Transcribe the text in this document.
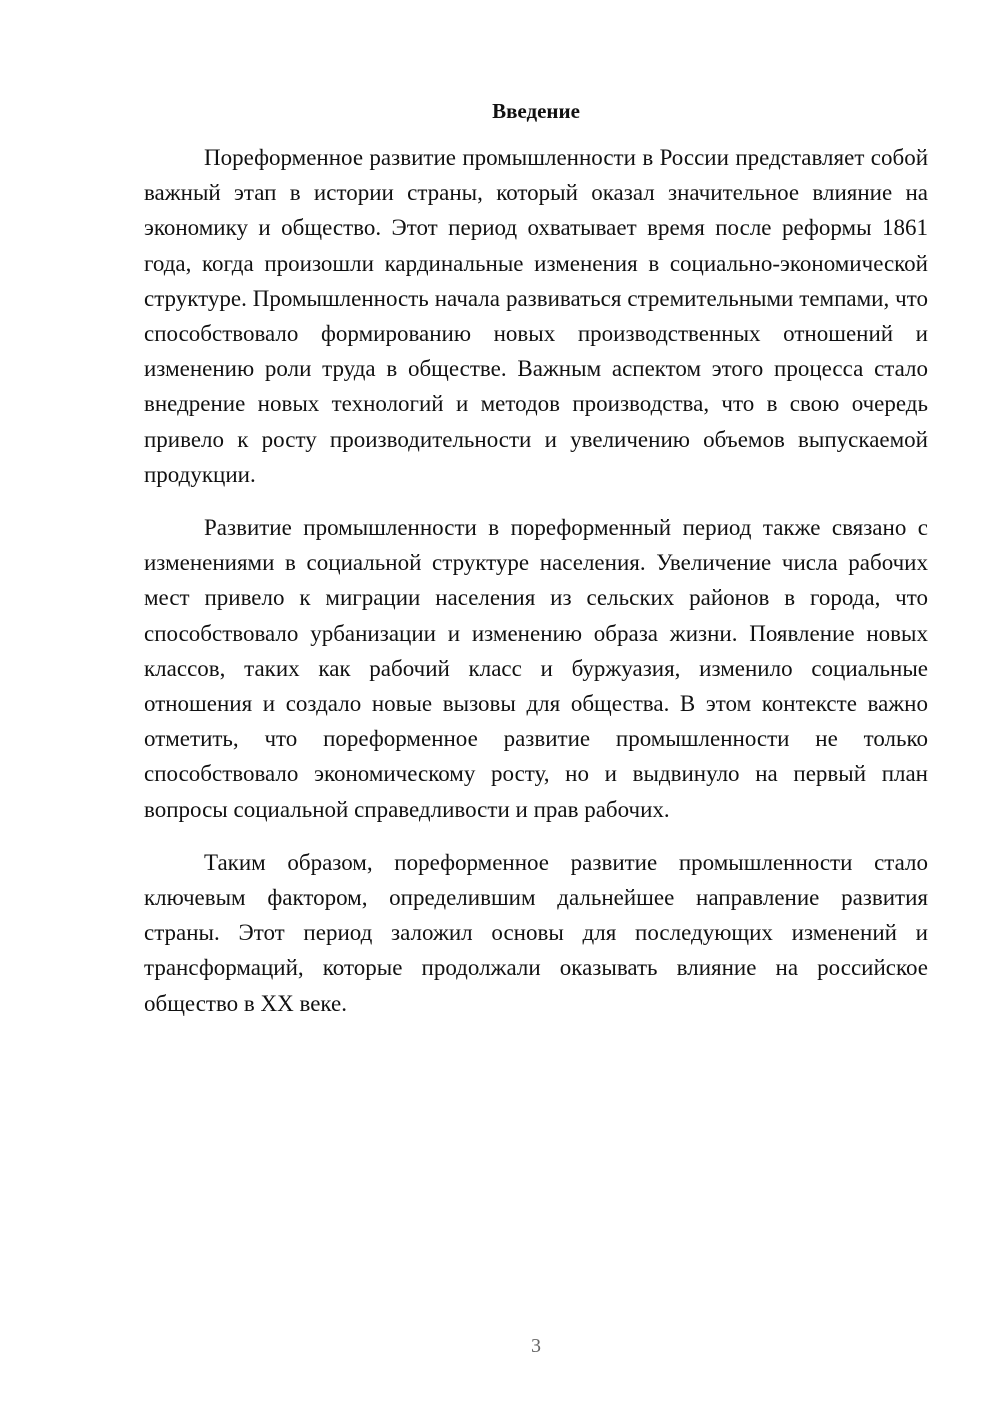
Введение

Пореформенное развитие промышленности в России представляет собой важный этап в истории страны, который оказал значительное влияние на экономику и общество. Этот период охватывает время после реформы 1861 года, когда произошли кардинальные изменения в социально-экономической структуре. Промышленность начала развиваться стремительными темпами, что способствовало формированию новых производственных отношений и изменению роли труда в обществе. Важным аспектом этого процесса стало внедрение новых технологий и методов производства, что в свою очередь привело к росту производительности и увеличению объемов выпускаемой продукции.

Развитие промышленности в пореформенный период также связано с изменениями в социальной структуре населения. Увеличение числа рабочих мест привело к миграции населения из сельских районов в города, что способствовало урбанизации и изменению образа жизни. Появление новых классов, таких как рабочий класс и буржуазия, изменило социальные отношения и создало новые вызовы для общества. В этом контексте важно отметить, что пореформенное развитие промышленности не только способствовало экономическому росту, но и выдвинуло на первый план вопросы социальной справедливости и прав рабочих.

Таким образом, пореформенное развитие промышленности стало ключевым фактором, определившим дальнейшее направление развития страны. Этот период заложил основы для последующих изменений и трансформаций, которые продолжали оказывать влияние на российское общество в XX веке.

3
